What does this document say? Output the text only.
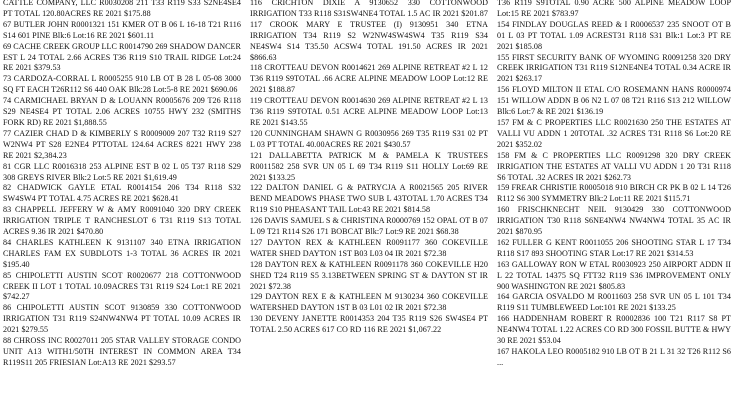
CATTLE COMPANY, LLC R0030208 211 T33 R119 S33 S2NE4SE4 PT TOTAL 120.80ACRES RE 2021 $175.88

67 BUTLER JOHN R0001321 151 KMER OT B 06 L 16-18 T21 R116 S14 601 PINE Blk:6 Lot:16 RE 2021 $601.11

69 CACHE CREEK GROUP LLC R0014790 269 SHADOW DANCER EST L 24 TOTAL 2.66 ACRES T36 R119 S10 TRAIL RIDGE Lot:24 RE 2021 $379.53

73 CARDOZA-CORRAL L R0005255 910 LB OT B 28 L 05-08 3000 SQ FT EACH T26R112 S6 440 OAK Blk:28 Lot:5-8 RE 2021 $690.06

74 CARMICHAEL BRYAN D & LOUANN R0005676 209 T26 R118 S29 NE4SE4 PT TOTAL 2.06 ACRES 10755 HWY 232 (SMITHS FORK RD) RE 2021 $1,888.55

77 CAZIER CHAD D & KIMBERLY S R0009009 207 T32 R119 S27 W2NW4 PT S28 E2NE4 PTTOTAL 124.64 ACRES 8221 HWY 238 RE 2021 $2,384.23

81 CGR LLC R0016318 253 ALPINE EST B 02 L 05 T37 R118 S29 308 GREYS RIVER Blk:2 Lot:5 RE 2021 $1,619.49

82 CHADWICK GAYLE ETAL R0014154 206 T34 R118 S32 SW4SW4 PT TOTAL 4.75 ACRES RE 2021 $628.41

83 CHAPPELL JEFFERY W & AMY R0091040 320 DRY CREEK IRRIGATION TRIPLE T RANCHESLOT 6 T31 R119 S13 TOTAL ACRES 9.36 IR 2021 $470.80

84 CHARLES KATHLEEN K 9131107 340 ETNA IRRIGATION CHARLES FAM EX SUBDLOTS 1-3 TOTAL 36 ACRES IR 2021 $195.40

85 CHIPOLETTI AUSTIN SCOT R0020677 218 COTTONWOOD CREEK II LOT 1 TOTAL 10.09ACRES T31 R119 S24 Lot:1 RE 2021 $742.27

86 CHIPOLETTI AUSTIN SCOT 9130859 330 COTTONWOOD IRRIGATION T31 R119 S24NW4NW4 PT TOTAL 10.09 ACRES IR 2021 $279.55

88 CHROSS INC R0027011 205 STAR VALLEY STORAGE CONDO UNIT A13 WITH1/50TH INTEREST IN COMMON AREA T34 R119S11 205 FRIESIAN Lot:A13 RE 2021 $293.57

116 CRICHTON DIXIE A 9130652 330 COTTONWOOD IRRIGATION T33 R118 S31SW4NE4 TOTAL 1.5 AC IR 2021 $201.87

117 CROOK MARY E TRUSTEE (I) 9130951 340 ETNA IRRIGATION T34 R119 S2 W2NW4SW4SW4 T35 R119 S34 NE4SW4 S14 T35.50 ACSW4 TOTAL 191.50 ACRES IR 2021 $866.63

118 CROTTEAU DEVON R0014621 269 ALPINE RETREAT #2 L 12 T36 R119 S9TOTAL .66 ACRE ALPINE MEADOW LOOP Lot:12 RE 2021 $188.87

119 CROTTEAU DEVON R0014630 269 ALPINE RETREAT #2 L 13 T36 R119 S9TOTAL 0.51 ACRE ALPINE MEADOW LOOP Lot:13 RE 2021 $143.55

120 CUNNINGHAM SHAWN G R0030956 269 T35 R119 S31 02 PT L 03 PT TOTAL 40.00ACRES RE 2021 $430.57

121 DALLABETTA PATRICK M & PAMELA K TRUSTEES R0011582 258 SVR UN 05 L 69 T34 R119 S11 HOLLY Lot:69 RE 2021 $133.25

122 DALTON DANIEL G & PATRYCJA A R0021565 205 RIVER BEND MEADOWS PHASE TWO SUB L 43TOTAL 1.70 ACRES T34 R119 S10 PHEASANT TAIL Lot:43 RE 2021 $814.58

126 DAVIS SAMUEL S & CHRISTINA R0000769 152 OPAL OT B 07 L 09 T21 R114 S26 171 BOBCAT Blk:7 Lot:9 RE 2021 $68.38

127 DAYTON REX & KATHLEEN R0091177 360 COKEVILLE WATER SHED DAYTON 1ST B03 L03 04 IR 2021 $72.38

128 DAYTON REX & KATHLEEN R0091178 360 COKEVILLE H20 SHED T24 R119 S5 3.13BETWEEN SPRING ST & DAYTON ST IR 2021 $72.38

129 DAYTON REX E & KATHLEEN M 9130234 360 COKEVILLE WATERSHED DAYTON 1ST B 03 L01 02 IR 2021 $72.38

130 DEVENY JANETTE R0014353 204 T35 R119 S26 SW4SE4 PT TOTAL 2.50 ACRES 617 CO RD 116 RE 2021 $1,067.22

T36 R119 S9TOTAL 0.90 ACRE 500 ALPINE MEADOW LOOP Lot:15 RE 2021 $783.97

154 FINDLAY DOUGLAS REED & I R0006537 235 SNOOT OT B 01 L 03 PT TOTAL 1.09 ACREST31 R118 S31 Blk:1 Lot:3 PT RE 2021 $185.08

155 FIRST SECURITY BANK OF WYOMING R0091258 320 DRY CREEK IRRIGATION T31 R119 S12NE4NE4 TOTAL 0.34 ACRE IR 2021 $263.17

156 FLOYD MILTON II ETAL C/O ROSEMANN HANS R0000974 151 WILLOW ADDN B 06 N2 L 07 08 T21 R116 S13 212 WILLOW Blk:6 Lot:7 & RE 2021 $136.19

157 FM & C PROPERTIES LLC R0021630 250 THE ESTATES AT VALLI VU ADDN 1 20TOTAL .32 ACRES T31 R118 S6 Lot:20 RE 2021 $352.02

158 FM & C PROPERTIES LLC R0091298 320 DRY CREEK IRRIGATION THE ESTATES AT VALLI VU ADDN 1 20 T31 R118 S6 TOTAL .32 ACRES IR 2021 $262.73

159 FREAR CHRISTIE R0005018 910 BIRCH CR PK B 02 L 14 T26 R112 S6 300 SYMMETRY Blk:2 Lot:11 RE 2021 $115.71

160 FRISCHKNECHT NEIL 9130429 330 COTTONWOOD IRRIGATION T30 R118 S6NE4NW4 NW4NW4 TOTAL 35 AC IR 2021 $870.95

162 FULLER G KENT R0011055 206 SHOOTING STAR L 17 T34 R118 S17 893 SHOOTING STAR Lot:17 RE 2021 $314.53

163 GALLOWAY RON W ETAL R0030923 250 AIRPORT ADDN II L 22 TOTAL 14375 SQ FTT32 R119 S36 IMPROVEMENT ONLY 900 WASHINGTON RE 2021 $805.83

164 GARCIA OSVALDO M R0011603 258 SVR UN 05 L 101 T34 R119 S11 TUMBLEWEED Lot:101 RE 2021 $133.25

166 HADDENHAM ROBERT R R0002836 100 T21 R117 S8 PT NE4NW4 TOTAL 1.22 ACRES CO RD 300 FOSSIL BUTTE & HWY 30 RE 2021 $53.04

167 HAKOLA LEO R0005182 910 LB OT B 21 L 31 32 T26 R112 S6 ...
